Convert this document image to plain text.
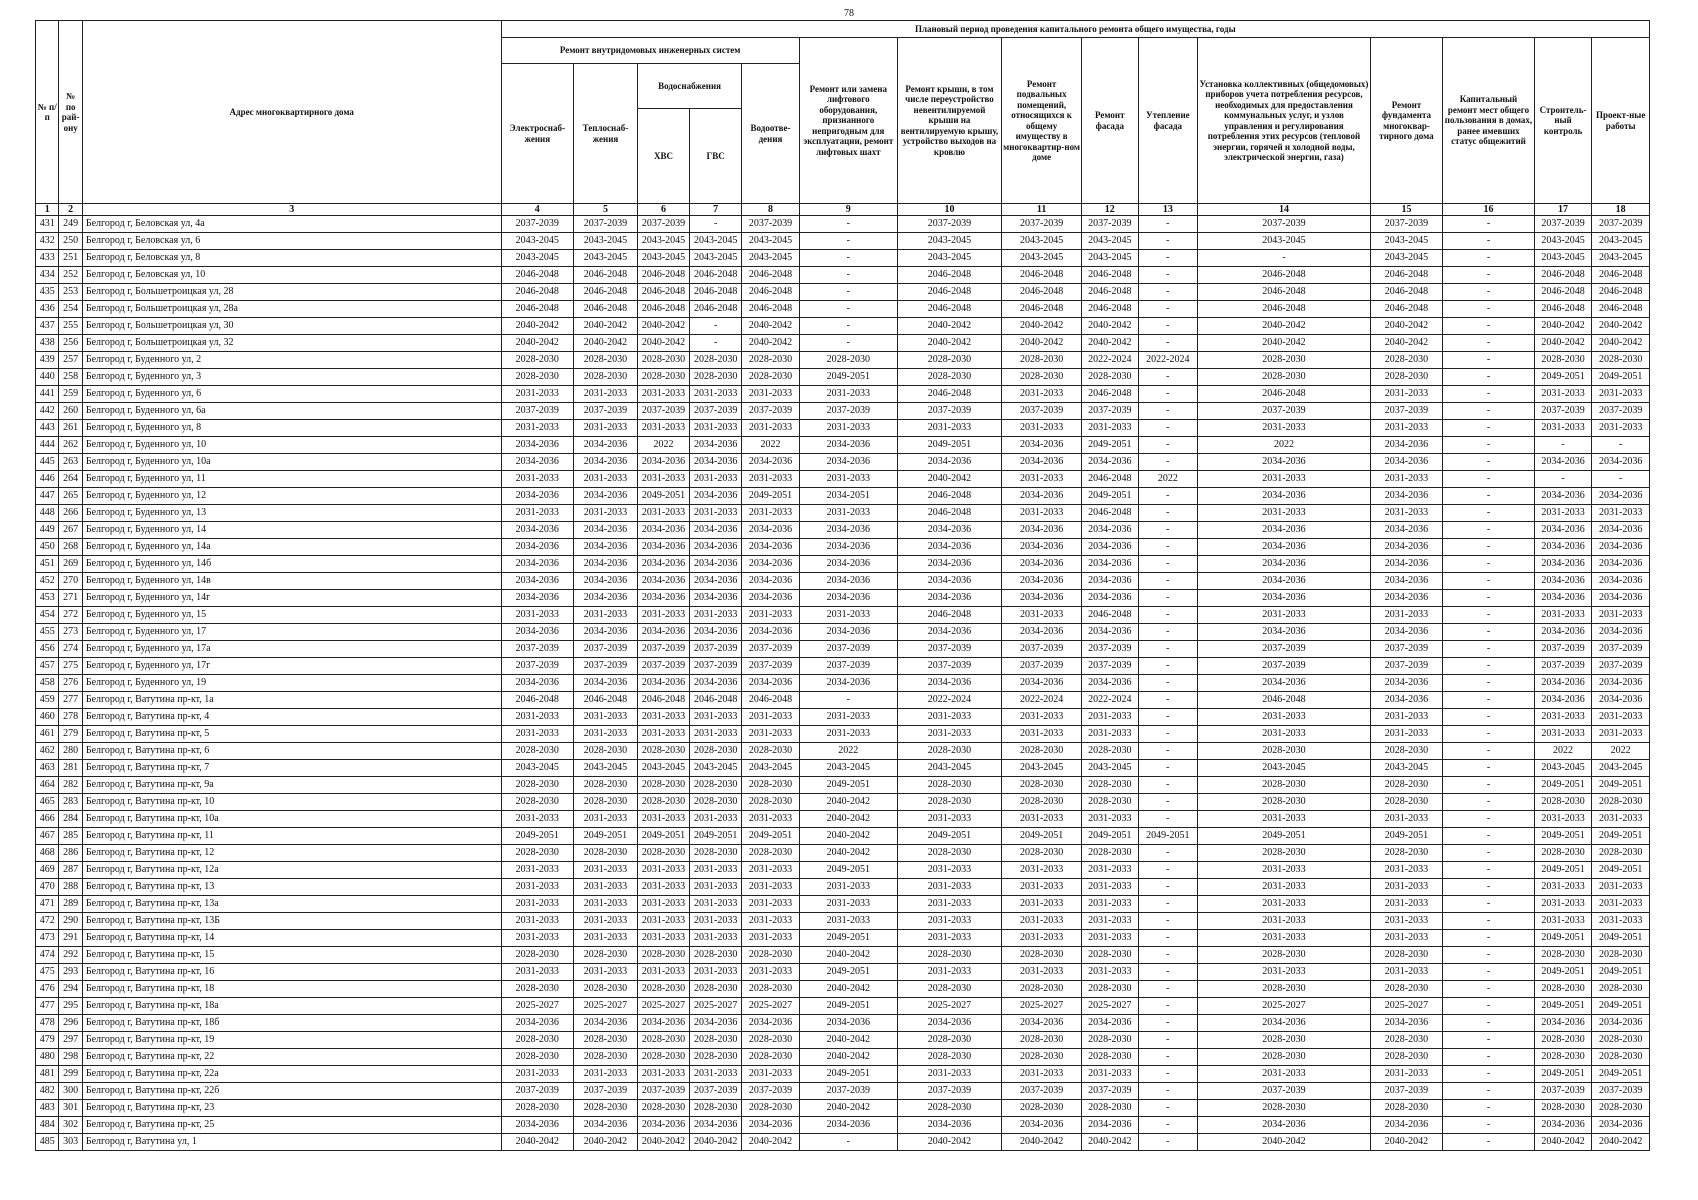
78
№ п/п	№ по рай-ону	Адрес многоквартирного дома	Плановый период проведения капитального ремонта общего имущества, годы														
			Ремонт внутридомовых инженерных систем					Ремонт или замена лифтового оборудования, признанного непригодным для эксплуатации, ремонт лифтовых шахт	Ремонт крыши, в том числе переустройство невентилируемой крыши на вентилируемую крышу, устройство выходов на кровлю	Ремонт подвальных помещений, относящихся к общему имуществу в многоквартир-ном доме	Ремонт фасада	Утепление фасада	Установка коллективных (общедомовых) приборов учета потребления ресурсов, необходимых для предоставления коммунальных услуг, и узлов управления и регулирования потребления этих ресурсов (тепловой энергии, горячей и холодной воды, электрической энергии, газа)	Ремонт фундамента многоквар-тирного дома	Капитальный ремонт мест общего пользования в домах, ранее имевших статус общежитий	Строитель-ный контроль	Проект-ные работы
			Электроснаб-жения	Теплоснаб-жения	Водоснабжения		Водоотве-дения										
					ХВС	ГВС											
1	2	3	4	5	6	7	8	9	10	11	12	13	14	15	16	17	18
431	249	Белгород г, Беловская ул, 4а	2037-2039	2037-2039	2037-2039	-	2037-2039	-	2037-2039	2037-2039	2037-2039	-	2037-2039	2037-2039	-	2037-2039	2037-2039
432	250	Белгород г, Беловская ул, 6	2043-2045	2043-2045	2043-2045	2043-2045	2043-2045	-	2043-2045	2043-2045	2043-2045	-	2043-2045	2043-2045	-	2043-2045	2043-2045
433	251	Белгород г, Беловская ул, 8	2043-2045	2043-2045	2043-2045	2043-2045	2043-2045	-	2043-2045	2043-2045	2043-2045	-	-	2043-2045	-	2043-2045	2043-2045
434	252	Белгород г, Беловская ул, 10	2046-2048	2046-2048	2046-2048	2046-2048	2046-2048	-	2046-2048	2046-2048	2046-2048	-	2046-2048	2046-2048	-	2046-2048	2046-2048
435	253	Белгород г, Большетроицкая ул, 28	2046-2048	2046-2048	2046-2048	2046-2048	2046-2048	-	2046-2048	2046-2048	2046-2048	-	2046-2048	2046-2048	-	2046-2048	2046-2048
436	254	Белгород г, Большетроицкая ул, 28а	2046-2048	2046-2048	2046-2048	2046-2048	2046-2048	-	2046-2048	2046-2048	2046-2048	-	2046-2048	2046-2048	-	2046-2048	2046-2048
437	255	Белгород г, Большетроицкая ул, 30	2040-2042	2040-2042	2040-2042	-	2040-2042	-	2040-2042	2040-2042	2040-2042	-	2040-2042	2040-2042	-	2040-2042	2040-2042
438	256	Белгород г, Большетроицкая ул, 32	2040-2042	2040-2042	2040-2042	-	2040-2042	-	2040-2042	2040-2042	2040-2042	-	2040-2042	2040-2042	-	2040-2042	2040-2042
439	257	Белгород г, Буденного ул, 2	2028-2030	2028-2030	2028-2030	2028-2030	2028-2030	2028-2030	2028-2030	2028-2030	2022-2024	2022-2024	2028-2030	2028-2030	-	2028-2030	2028-2030
440	258	Белгород г, Буденного ул, 3	2028-2030	2028-2030	2028-2030	2028-2030	2028-2030	2049-2051	2028-2030	2028-2030	2028-2030	-	2028-2030	2028-2030	-	2049-2051	2049-2051
441	259	Белгород г, Буденного ул, 6	2031-2033	2031-2033	2031-2033	2031-2033	2031-2033	2031-2033	2046-2048	2031-2033	2046-2048	-	2046-2048	2031-2033	-	2031-2033	2031-2033
442	260	Белгород г, Буденного ул, 6а	2037-2039	2037-2039	2037-2039	2037-2039	2037-2039	2037-2039	2037-2039	2037-2039	2037-2039	-	2037-2039	2037-2039	-	2037-2039	2037-2039
443	261	Белгород г, Буденного ул, 8	2031-2033	2031-2033	2031-2033	2031-2033	2031-2033	2031-2033	2031-2033	2031-2033	2031-2033	-	2031-2033	2031-2033	-	2031-2033	2031-2033
444	262	Белгород г, Буденного ул, 10	2034-2036	2034-2036	2022	2034-2036	2022	2034-2036	2049-2051	2034-2036	2049-2051	-	2022	2034-2036	-	-	-
445	263	Белгород г, Буденного ул, 10а	2034-2036	2034-2036	2034-2036	2034-2036	2034-2036	2034-2036	2034-2036	2034-2036	2034-2036	-	2034-2036	2034-2036	-	2034-2036	2034-2036
446	264	Белгород г, Буденного ул, 11	2031-2033	2031-2033	2031-2033	2031-2033	2031-2033	2031-2033	2040-2042	2031-2033	2046-2048	2022	2031-2033	2031-2033	-	-	-
447	265	Белгород г, Буденного ул, 12	2034-2036	2034-2036	2049-2051	2034-2036	2049-2051	2034-2051	2046-2048	2034-2036	2049-2051	-	2034-2036	2034-2036	-	2034-2036	2034-2036
448	266	Белгород г, Буденного ул, 13	2031-2033	2031-2033	2031-2033	2031-2033	2031-2033	2031-2033	2046-2048	2031-2033	2046-2048	-	2031-2033	2031-2033	-	2031-2033	2031-2033
449	267	Белгород г, Буденного ул, 14	2034-2036	2034-2036	2034-2036	2034-2036	2034-2036	2034-2036	2034-2036	2034-2036	2034-2036	-	2034-2036	2034-2036	-	2034-2036	2034-2036
450	268	Белгород г, Буденного ул, 14а	2034-2036	2034-2036	2034-2036	2034-2036	2034-2036	2034-2036	2034-2036	2034-2036	2034-2036	-	2034-2036	2034-2036	-	2034-2036	2034-2036
451	269	Белгород г, Буденного ул, 14б	2034-2036	2034-2036	2034-2036	2034-2036	2034-2036	2034-2036	2034-2036	2034-2036	2034-2036	-	2034-2036	2034-2036	-	2034-2036	2034-2036
452	270	Белгород г, Буденного ул, 14в	2034-2036	2034-2036	2034-2036	2034-2036	2034-2036	2034-2036	2034-2036	2034-2036	2034-2036	-	2034-2036	2034-2036	-	2034-2036	2034-2036
453	271	Белгород г, Буденного ул, 14г	2034-2036	2034-2036	2034-2036	2034-2036	2034-2036	2034-2036	2034-2036	2034-2036	2034-2036	-	2034-2036	2034-2036	-	2034-2036	2034-2036
454	272	Белгород г, Буденного ул, 15	2031-2033	2031-2033	2031-2033	2031-2033	2031-2033	2031-2033	2046-2048	2031-2033	2046-2048	-	2031-2033	2031-2033	-	2031-2033	2031-2033
455	273	Белгород г, Буденного ул, 17	2034-2036	2034-2036	2034-2036	2034-2036	2034-2036	2034-2036	2034-2036	2034-2036	2034-2036	-	2034-2036	2034-2036	-	2034-2036	2034-2036
456	274	Белгород г, Буденного ул, 17а	2037-2039	2037-2039	2037-2039	2037-2039	2037-2039	2037-2039	2037-2039	2037-2039	2037-2039	-	2037-2039	2037-2039	-	2037-2039	2037-2039
457	275	Белгород г, Буденного ул, 17г	2037-2039	2037-2039	2037-2039	2037-2039	2037-2039	2037-2039	2037-2039	2037-2039	2037-2039	-	2037-2039	2037-2039	-	2037-2039	2037-2039
458	276	Белгород г, Буденного ул, 19	2034-2036	2034-2036	2034-2036	2034-2036	2034-2036	2034-2036	2034-2036	2034-2036	2034-2036	-	2034-2036	2034-2036	-	2034-2036	2034-2036
459	277	Белгород г, Ватутина пр-кт, 1а	2046-2048	2046-2048	2046-2048	2046-2048	2046-2048	-	2022-2024	2022-2024	2022-2024	-	2046-2048	2034-2036	-	2034-2036	2034-2036
460	278	Белгород г, Ватутина пр-кт, 4	2031-2033	2031-2033	2031-2033	2031-2033	2031-2033	2031-2033	2031-2033	2031-2033	2031-2033	-	2031-2033	2031-2033	-	2031-2033	2031-2033
461	279	Белгород г, Ватутина пр-кт, 5	2031-2033	2031-2033	2031-2033	2031-2033	2031-2033	2031-2033	2031-2033	2031-2033	2031-2033	-	2031-2033	2031-2033	-	2031-2033	2031-2033
462	280	Белгород г, Ватутина пр-кт, 6	2028-2030	2028-2030	2028-2030	2028-2030	2028-2030	2022	2028-2030	2028-2030	2028-2030	-	2028-2030	2028-2030	-	2022	2022
463	281	Белгород г, Ватутина пр-кт, 7	2043-2045	2043-2045	2043-2045	2043-2045	2043-2045	2043-2045	2043-2045	2043-2045	2043-2045	-	2043-2045	2043-2045	-	2043-2045	2043-2045
464	282	Белгород г, Ватутина пр-кт, 9а	2028-2030	2028-2030	2028-2030	2028-2030	2028-2030	2049-2051	2028-2030	2028-2030	2028-2030	-	2028-2030	2028-2030	-	2049-2051	2049-2051
465	283	Белгород г, Ватутина пр-кт, 10	2028-2030	2028-2030	2028-2030	2028-2030	2028-2030	2040-2042	2028-2030	2028-2030	2028-2030	-	2028-2030	2028-2030	-	2028-2030	2028-2030
466	284	Белгород г, Ватутина пр-кт, 10а	2031-2033	2031-2033	2031-2033	2031-2033	2031-2033	2040-2042	2031-2033	2031-2033	2031-2033	-	2031-2033	2031-2033	-	2031-2033	2031-2033
467	285	Белгород г, Ватутина пр-кт, 11	2049-2051	2049-2051	2049-2051	2049-2051	2049-2051	2040-2042	2049-2051	2049-2051	2049-2051	2049-2051	2049-2051	2049-2051	-	2049-2051	2049-2051
468	286	Белгород г, Ватутина пр-кт, 12	2028-2030	2028-2030	2028-2030	2028-2030	2028-2030	2040-2042	2028-2030	2028-2030	2028-2030	-	2028-2030	2028-2030	-	2028-2030	2028-2030
469	287	Белгород г, Ватутина пр-кт, 12а	2031-2033	2031-2033	2031-2033	2031-2033	2031-2033	2049-2051	2031-2033	2031-2033	2031-2033	-	2031-2033	2031-2033	-	2049-2051	2049-2051
470	288	Белгород г, Ватутина пр-кт, 13	2031-2033	2031-2033	2031-2033	2031-2033	2031-2033	2031-2033	2031-2033	2031-2033	2031-2033	-	2031-2033	2031-2033	-	2031-2033	2031-2033
471	289	Белгород г, Ватутина пр-кт, 13а	2031-2033	2031-2033	2031-2033	2031-2033	2031-2033	2031-2033	2031-2033	2031-2033	2031-2033	-	2031-2033	2031-2033	-	2031-2033	2031-2033
472	290	Белгород г, Ватутина пр-кт, 13Б	2031-2033	2031-2033	2031-2033	2031-2033	2031-2033	2031-2033	2031-2033	2031-2033	2031-2033	-	2031-2033	2031-2033	-	2031-2033	2031-2033
473	291	Белгород г, Ватутина пр-кт, 14	2031-2033	2031-2033	2031-2033	2031-2033	2031-2033	2049-2051	2031-2033	2031-2033	2031-2033	-	2031-2033	2031-2033	-	2049-2051	2049-2051
474	292	Белгород г, Ватутина пр-кт, 15	2028-2030	2028-2030	2028-2030	2028-2030	2028-2030	2040-2042	2028-2030	2028-2030	2028-2030	-	2028-2030	2028-2030	-	2028-2030	2028-2030
475	293	Белгород г, Ватутина пр-кт, 16	2031-2033	2031-2033	2031-2033	2031-2033	2031-2033	2049-2051	2031-2033	2031-2033	2031-2033	-	2031-2033	2031-2033	-	2049-2051	2049-2051
476	294	Белгород г, Ватутина пр-кт, 18	2028-2030	2028-2030	2028-2030	2028-2030	2028-2030	2040-2042	2028-2030	2028-2030	2028-2030	-	2028-2030	2028-2030	-	2028-2030	2028-2030
477	295	Белгород г, Ватутина пр-кт, 18а	2025-2027	2025-2027	2025-2027	2025-2027	2025-2027	2049-2051	2025-2027	2025-2027	2025-2027	-	2025-2027	2025-2027	-	2049-2051	2049-2051
478	296	Белгород г, Ватутина пр-кт, 18б	2034-2036	2034-2036	2034-2036	2034-2036	2034-2036	2034-2036	2034-2036	2034-2036	2034-2036	-	2034-2036	2034-2036	-	2034-2036	2034-2036
479	297	Белгород г, Ватутина пр-кт, 19	2028-2030	2028-2030	2028-2030	2028-2030	2028-2030	2040-2042	2028-2030	2028-2030	2028-2030	-	2028-2030	2028-2030	-	2028-2030	2028-2030
480	298	Белгород г, Ватутина пр-кт, 22	2028-2030	2028-2030	2028-2030	2028-2030	2028-2030	2040-2042	2028-2030	2028-2030	2028-2030	-	2028-2030	2028-2030	-	2028-2030	2028-2030
481	299	Белгород г, Ватутина пр-кт, 22а	2031-2033	2031-2033	2031-2033	2031-2033	2031-2033	2049-2051	2031-2033	2031-2033	2031-2033	-	2031-2033	2031-2033	-	2049-2051	2049-2051
482	300	Белгород г, Ватутина пр-кт, 22б	2037-2039	2037-2039	2037-2039	2037-2039	2037-2039	2037-2039	2037-2039	2037-2039	2037-2039	-	2037-2039	2037-2039	-	2037-2039	2037-2039
483	301	Белгород г, Ватутина пр-кт, 23	2028-2030	2028-2030	2028-2030	2028-2030	2028-2030	2040-2042	2028-2030	2028-2030	2028-2030	-	2028-2030	2028-2030	-	2028-2030	2028-2030
484	302	Белгород г, Ватутина пр-кт, 25	2034-2036	2034-2036	2034-2036	2034-2036	2034-2036	2034-2036	2034-2036	2034-2036	2034-2036	-	2034-2036	2034-2036	-	2034-2036	2034-2036
485	303	Белгород г, Ватутина ул, 1	2040-2042	2040-2042	2040-2042	2040-2042	2040-2042	-	2040-2042	2040-2042	2040-2042	-	2040-2042	2040-2042	-	2040-2042	2040-2042
